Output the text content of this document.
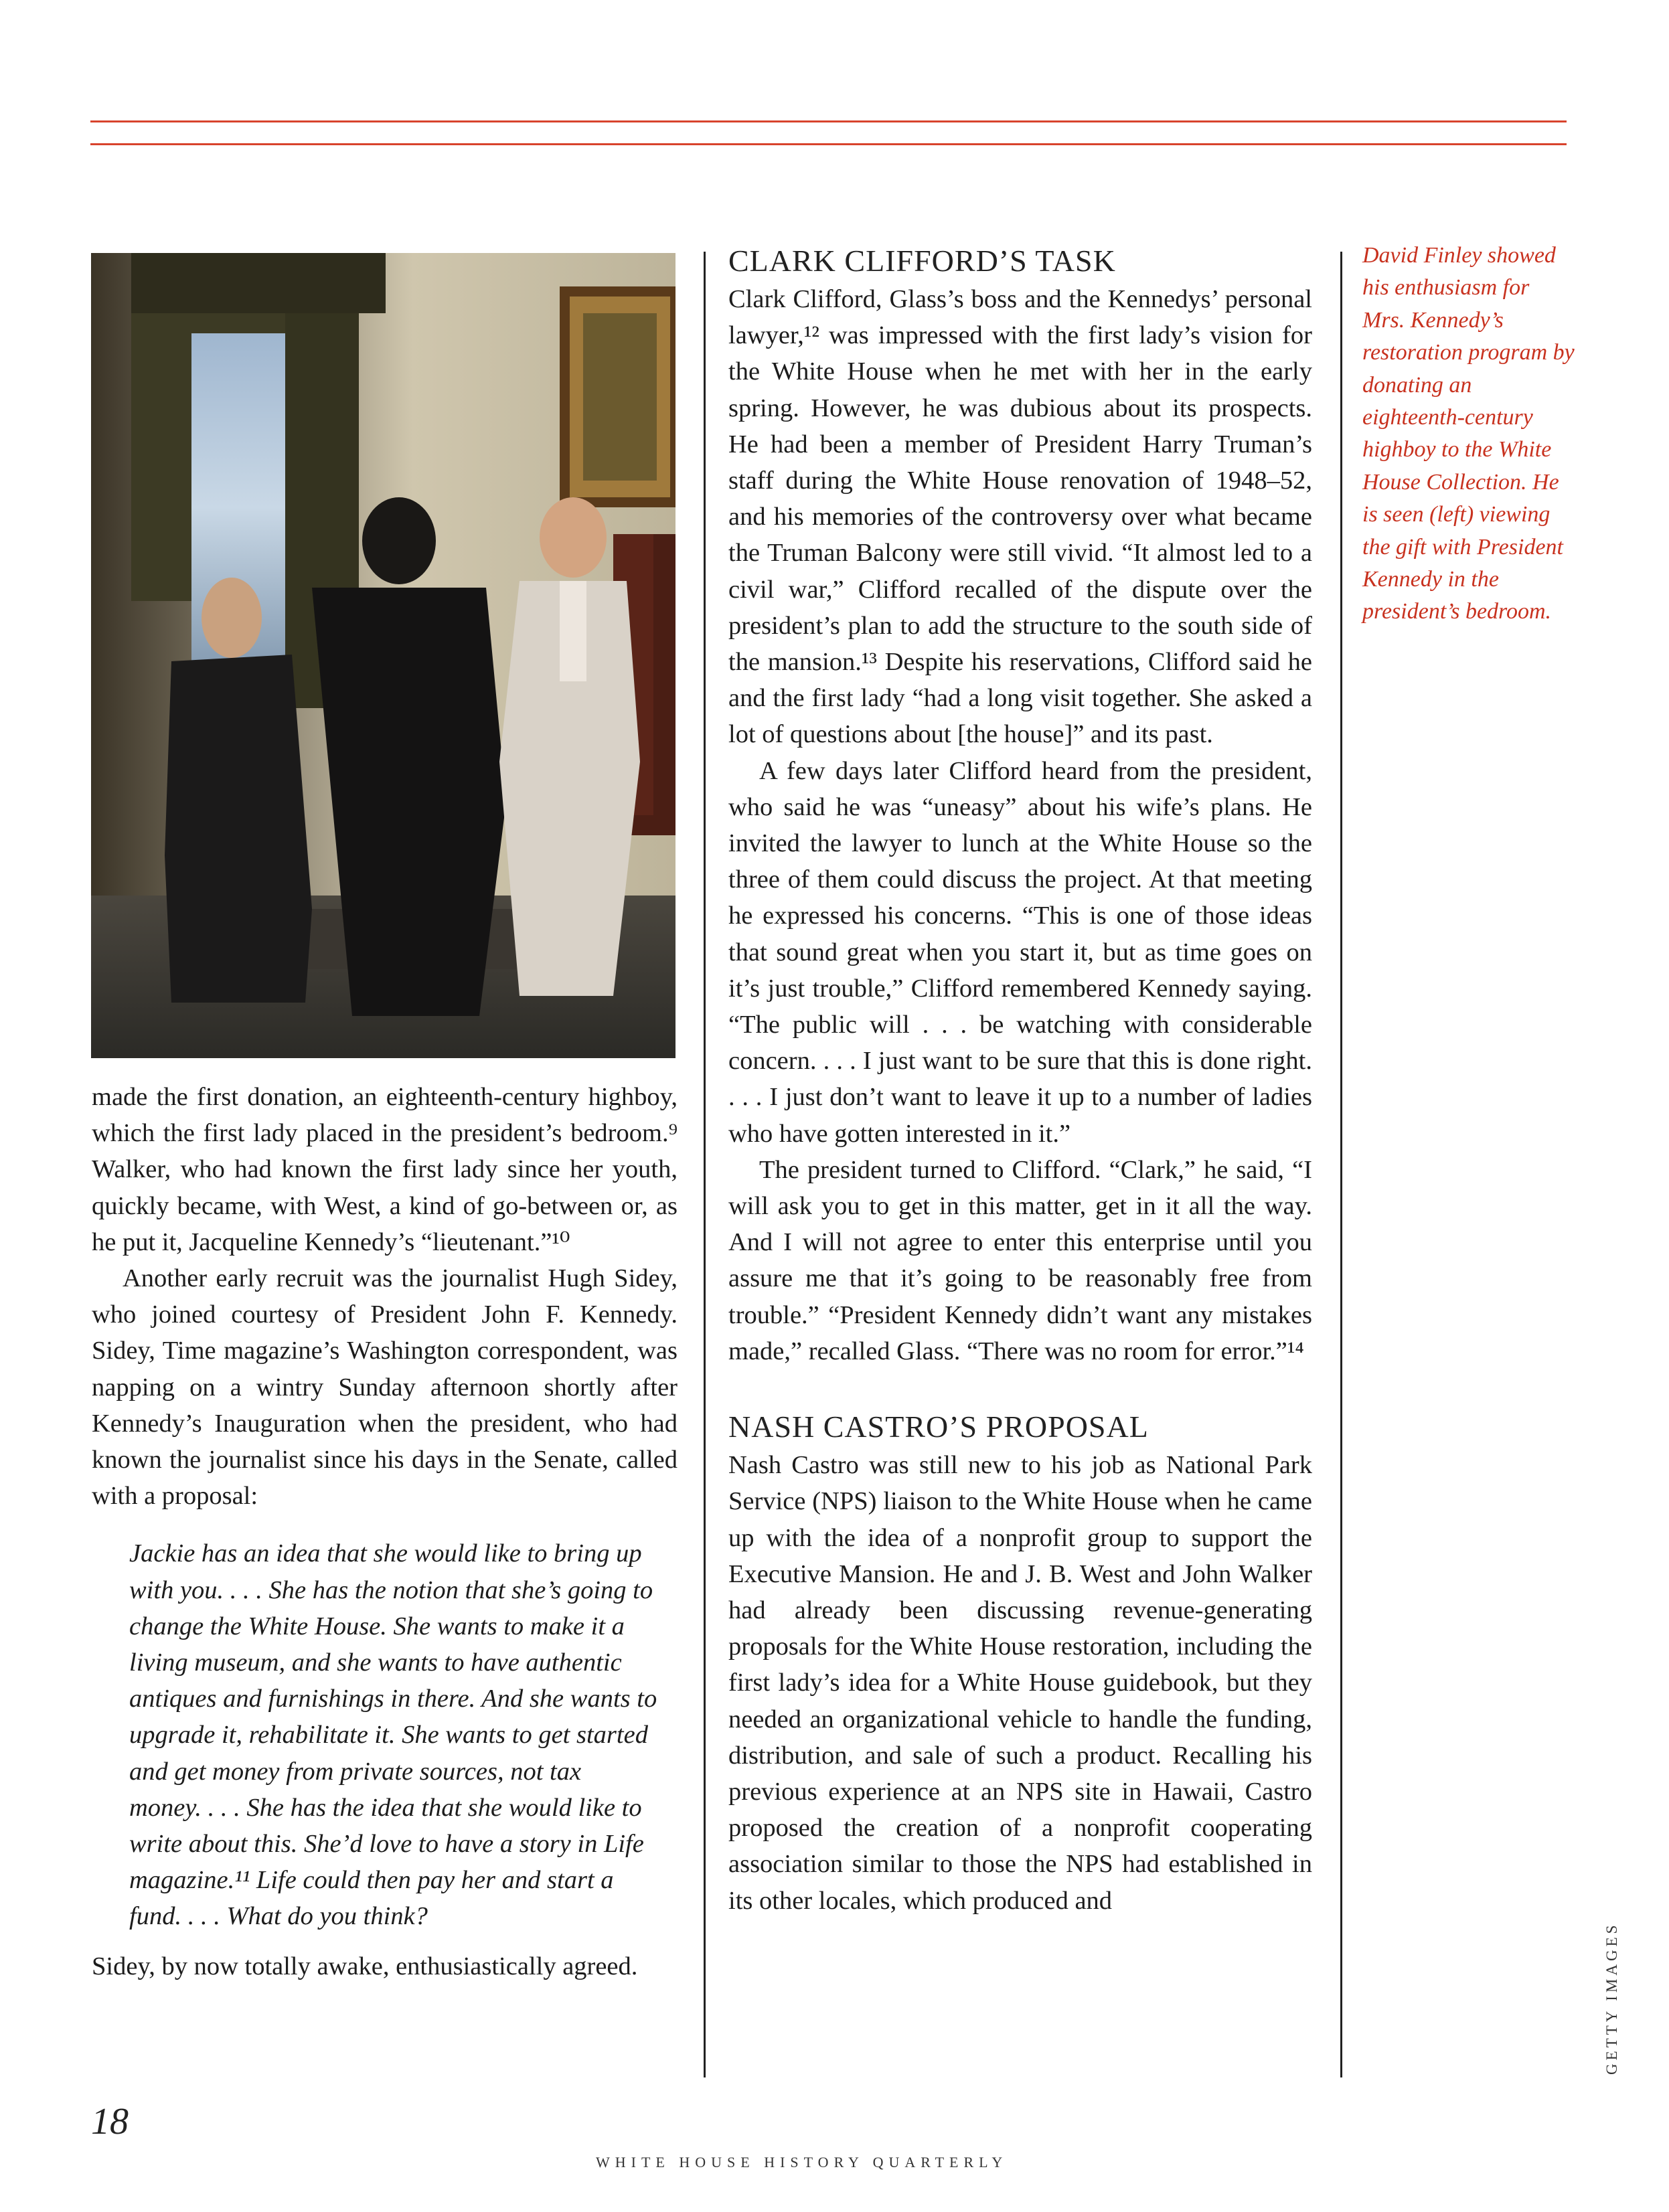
made the first donation, an eighteenth-century highboy, which the first lady placed in the president’s bedroom.⁹ Walker, who had known the first lady since her youth, quickly became, with West, a kind of go-between or, as he put it, Jacqueline Kennedy’s “lieutenant.”¹⁰

Another early recruit was the journalist Hugh Sidey, who joined courtesy of President John F. Kennedy. Sidey, Time magazine’s Washington correspondent, was napping on a wintry Sunday afternoon shortly after Kennedy’s Inauguration when the president, who had known the journalist since his days in the Senate, called with a proposal:

Jackie has an idea that she would like to bring up with you. . . . She has the notion that she’s going to change the White House. She wants to make it a living museum, and she wants to have authentic antiques and furnishings in there. And she wants to upgrade it, rehabilitate it. She wants to get started and get money from private sources, not tax money. . . . She has the idea that she would like to write about this. She’d love to have a story in Life magazine.¹¹ Life could then pay her and start a fund. . . . What do you think?

Sidey, by now totally awake, enthusiastically agreed.

CLARK CLIFFORD’S TASK

Clark Clifford, Glass’s boss and the Kennedys’ personal lawyer,¹² was impressed with the first lady’s vision for the White House when he met with her in the early spring. However, he was dubious about its prospects. He had been a member of President Harry Truman’s staff during the White House renovation of 1948–52, and his memories of the controversy over what became the Truman Balcony were still vivid. “It almost led to a civil war,” Clifford recalled of the dispute over the president’s plan to add the structure to the south side of the mansion.¹³ Despite his reservations, Clifford said he and the first lady “had a long visit together. She asked a lot of questions about [the house]” and its past.

A few days later Clifford heard from the president, who said he was “uneasy” about his wife’s plans. He invited the lawyer to lunch at the White House so the three of them could discuss the project. At that meeting he expressed his concerns. “This is one of those ideas that sound great when you start it, but as time goes on it’s just trouble,” Clifford remembered Kennedy saying. “The public will . . . be watching with considerable concern. . . . I just want to be sure that this is done right. . . . I just don’t want to leave it up to a number of ladies who have gotten interested in it.”

The president turned to Clifford. “Clark,” he said, “I will ask you to get in this matter, get in it all the way. And I will not agree to enter this enterprise until you assure me that it’s going to be reasonably free from trouble.” “President Kennedy didn’t want any mistakes made,” recalled Glass. “There was no room for error.”¹⁴

NASH CASTRO’S PROPOSAL

Nash Castro was still new to his job as National Park Service (NPS) liaison to the White House when he came up with the idea of a nonprofit group to support the Executive Mansion. He and J. B. West and John Walker had already been discussing revenue-generating proposals for the White House restoration, including the first lady’s idea for a White House guidebook, but they needed an organizational vehicle to handle the funding, distribution, and sale of such a product. Recalling his previous experience at an NPS site in Hawaii, Castro proposed the creation of a nonprofit cooperating association similar to those the NPS had established in its other locales, which produced and

David Finley showed his enthusiasm for Mrs. Kennedy’s restoration program by donating an eighteenth-century highboy to the White House Collection. He is seen (left) viewing the gift with President Kennedy in the president’s bedroom.
GETTY IMAGES
18
WHITE HOUSE HISTORY QUARTERLY
